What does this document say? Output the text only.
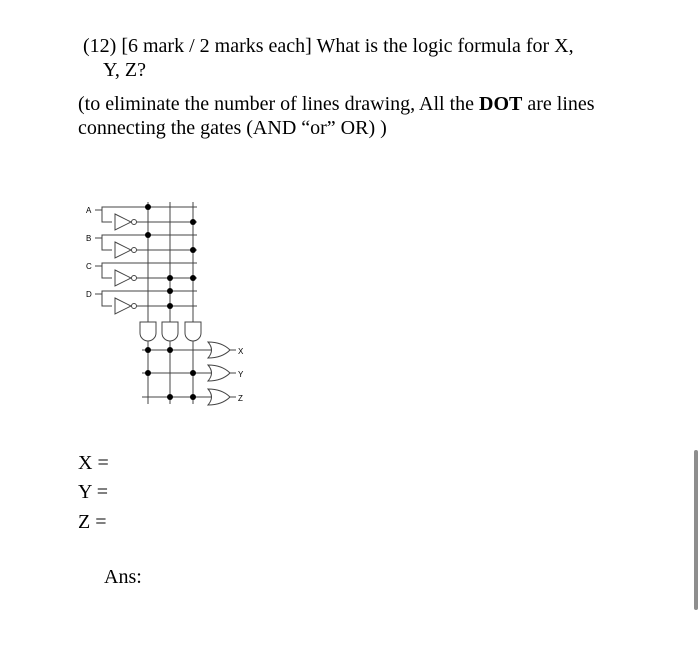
(12) [6 mark / 2 marks each] What is the logic formula for X,
Y, Z?

(to eliminate the number of lines drawing, All the DOT are lines connecting the gates (AND “or” OR) )

A
B
C
D
X
Y
Z
X =
Y =
Z =
Ans:
